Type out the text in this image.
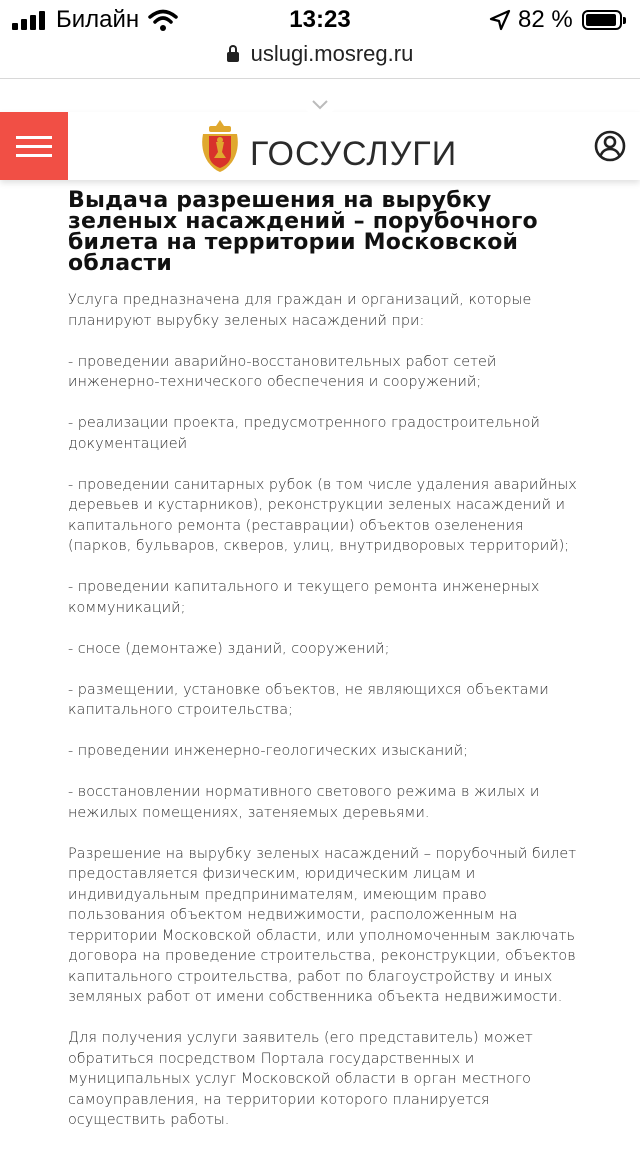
Билайн	13:23	82 %
uslugi.mosreg.ru
ГОСУСЛУГИ
Выдача разрешения на вырубку зеленых насаждений – порубочного билета на территории Московской области

Услуга предназначена для граждан и организаций, которые планируют вырубку зеленых насаждений при:

- проведении аварийно-восстановительных работ сетей инженерно-технического обеспечения и сооружений;

- реализации проекта, предусмотренного градостроительной документацией

- проведении санитарных рубок (в том числе удаления аварийных деревьев и кустарников), реконструкции зеленых насаждений и капитального ремонта (реставрации) объектов озеленения (парков, бульваров, скверов, улиц, внутридворовых территорий);

- проведении капитального и текущего ремонта инженерных коммуникаций;

- сносе (демонтаже) зданий, сооружений;

- размещении, установке объектов, не являющихся объектами капитального строительства;

- проведении инженерно-геологических изысканий;

- восстановлении нормативного светового режима в жилых и нежилых помещениях, затеняемых деревьями.

Разрешение на вырубку зеленых насаждений – порубочный билет предоставляется физическим, юридическим лицам и индивидуальным предпринимателям, имеющим право пользования объектом недвижимости, расположенным на территории Московской области, или уполномоченным заключать договора на проведение строительства, реконструкции, объектов капитального строительства, работ по благоустройству и иных земляных работ от имени собственника объекта недвижимости.

Для получения услуги заявитель (его представитель) может обратиться посредством Портала государственных и муниципальных услуг Московской области в орган местного самоуправления, на территории которого планируется осуществить работы.
